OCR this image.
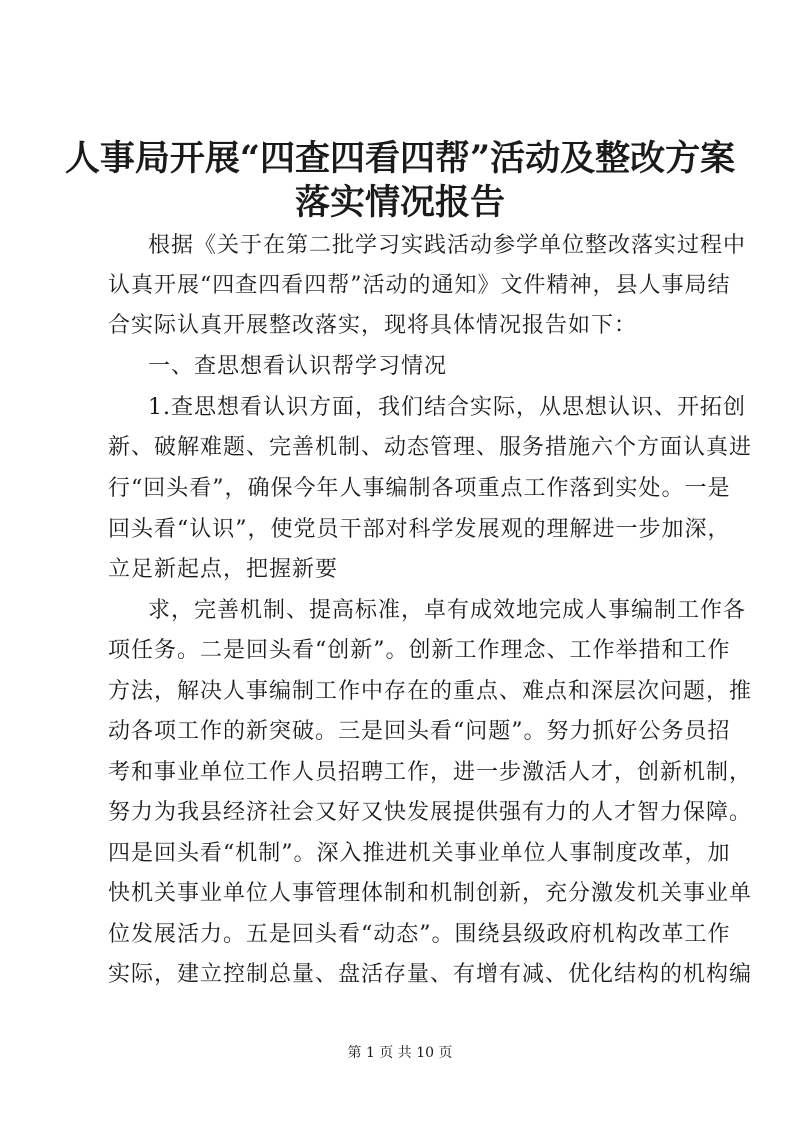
人事局开展“四查四看四帮”活动及整改方案
落实情况报告
根据《关于在第二批学习实践活动参学单位整改落实过程中
认真开展“四查四看四帮”活动的通知》文件精神，县人事局结
合实际认真开展整改落实，现将具体情况报告如下：
一、查思想看认识帮学习情况
1.查思想看认识方面，我们结合实际，从思想认识、开拓创
新、破解难题、完善机制、动态管理、服务措施六个方面认真进
行“回头看”，确保今年人事编制各项重点工作落到实处。一是
回头看“认识”，使党员干部对科学发展观的理解进一步加深，
立足新起点，把握新要
求，完善机制、提高标准，卓有成效地完成人事编制工作各
项任务。二是回头看“创新”。创新工作理念、工作举措和工作
方法，解决人事编制工作中存在的重点、难点和深层次问题，推
动各项工作的新突破。三是回头看“问题”。努力抓好公务员招
考和事业单位工作人员招聘工作，进一步激活人才，创新机制，
努力为我县经济社会又好又快发展提供强有力的人才智力保障。
四是回头看“机制”。深入推进机关事业单位人事制度改革，加
快机关事业单位人事管理体制和机制创新，充分激发机关事业单
位发展活力。五是回头看“动态”。围绕县级政府机构改革工作
实际，建立控制总量、盘活存量、有增有减、优化结构的机构编
第 1 页 共 10 页
